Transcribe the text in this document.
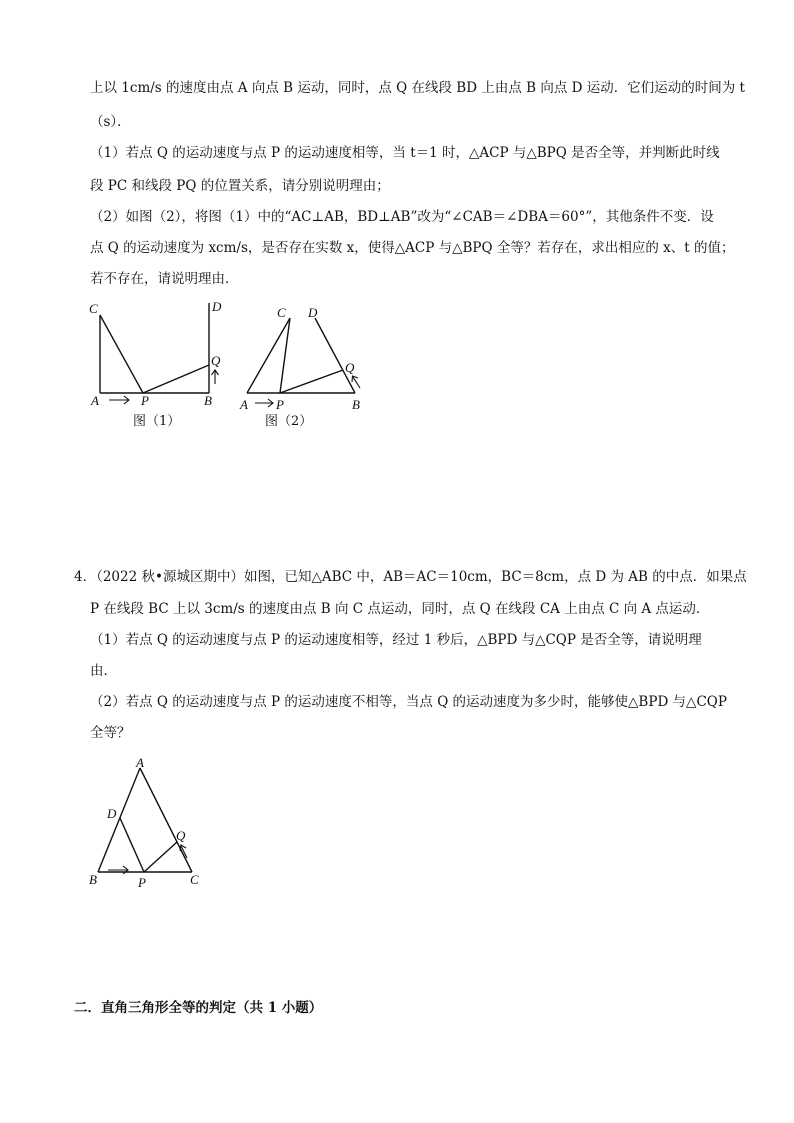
上以 1cm/s 的速度由点 A 向点 B 运动，同时，点 Q 在线段 BD 上由点 B 向点 D 运动．它们运动的时间为 t
（s）．
（1）若点 Q 的运动速度与点 P 的运动速度相等，当 t＝1 时，△ACP 与△BPQ 是否全等，并判断此时线
段 PC 和线段 PQ 的位置关系，请分别说明理由；
（2）如图（2），将图（1）中的“AC⊥AB，BD⊥AB”改为“∠CAB＝∠DBA＝60°”，其他条件不变．设
点 Q 的运动速度为 xcm/s，是否存在实数 x，使得△ACP 与△BPQ 全等？若存在，求出相应的 x、t 的值；
若不存在，请说明理由．
C	D
Q
A	P	B
图（1）
C D
Q
A P	B
图（2）
4．（2022 秋•源城区期中）如图，已知△ABC 中，AB＝AC＝10cm，BC＝8cm，点 D 为 AB 的中点．如果点
P 在线段 BC 上以 3cm/s 的速度由点 B 向 C 点运动，同时，点 Q 在线段 CA 上由点 C 向 A 点运动．
（1）若点 Q 的运动速度与点 P 的运动速度相等，经过 1 秒后，△BPD 与△CQP 是否全等，请说明理
由．
（2）若点 Q 的运动速度与点 P 的运动速度不相等，当点 Q 的运动速度为多少时，能够使△BPD 与△CQP
全等？
A
D
Q
B	P	C
二．直角三角形全等的判定（共 1 小题）
